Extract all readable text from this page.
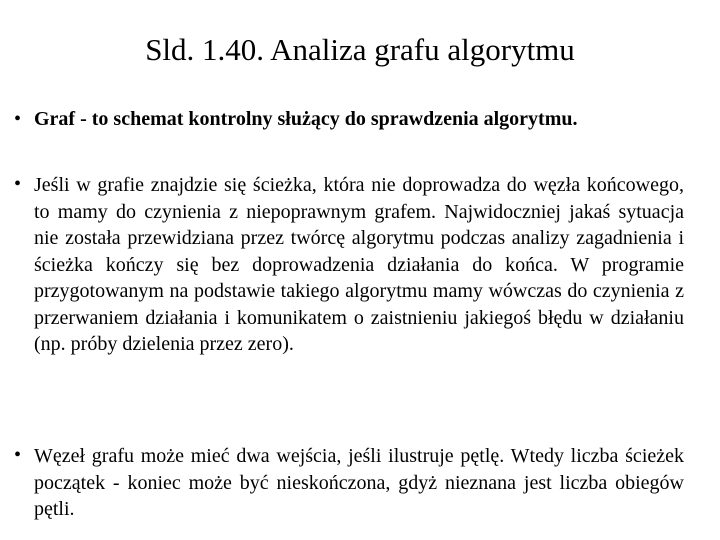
Sld. 1.40. Analiza grafu algorytmu
• Graf - to schemat kontrolny służący do sprawdzenia algorytmu.
• Jeśli w grafie znajdzie się ścieżka, która nie doprowadza do węzła końcowego, to mamy do czynienia z niepoprawnym grafem. Najwidoczniej jakaś sytuacja nie została przewidziana przez twórcę algorytmu podczas analizy zagadnienia i ścieżka kończy się bez doprowadzenia działania do końca. W programie przygotowanym na podstawie takiego algorytmu mamy wówczas do czynienia z przerwaniem działania i komunikatem o zaistnieniu jakiegoś błędu w działaniu (np. próby dzielenia przez zero).
• Węzeł grafu może mieć dwa wejścia, jeśli ilustruje pętlę. Wtedy liczba ścieżek początek - koniec może być nieskończona, gdyż nieznana jest liczba obiegów pętli.
